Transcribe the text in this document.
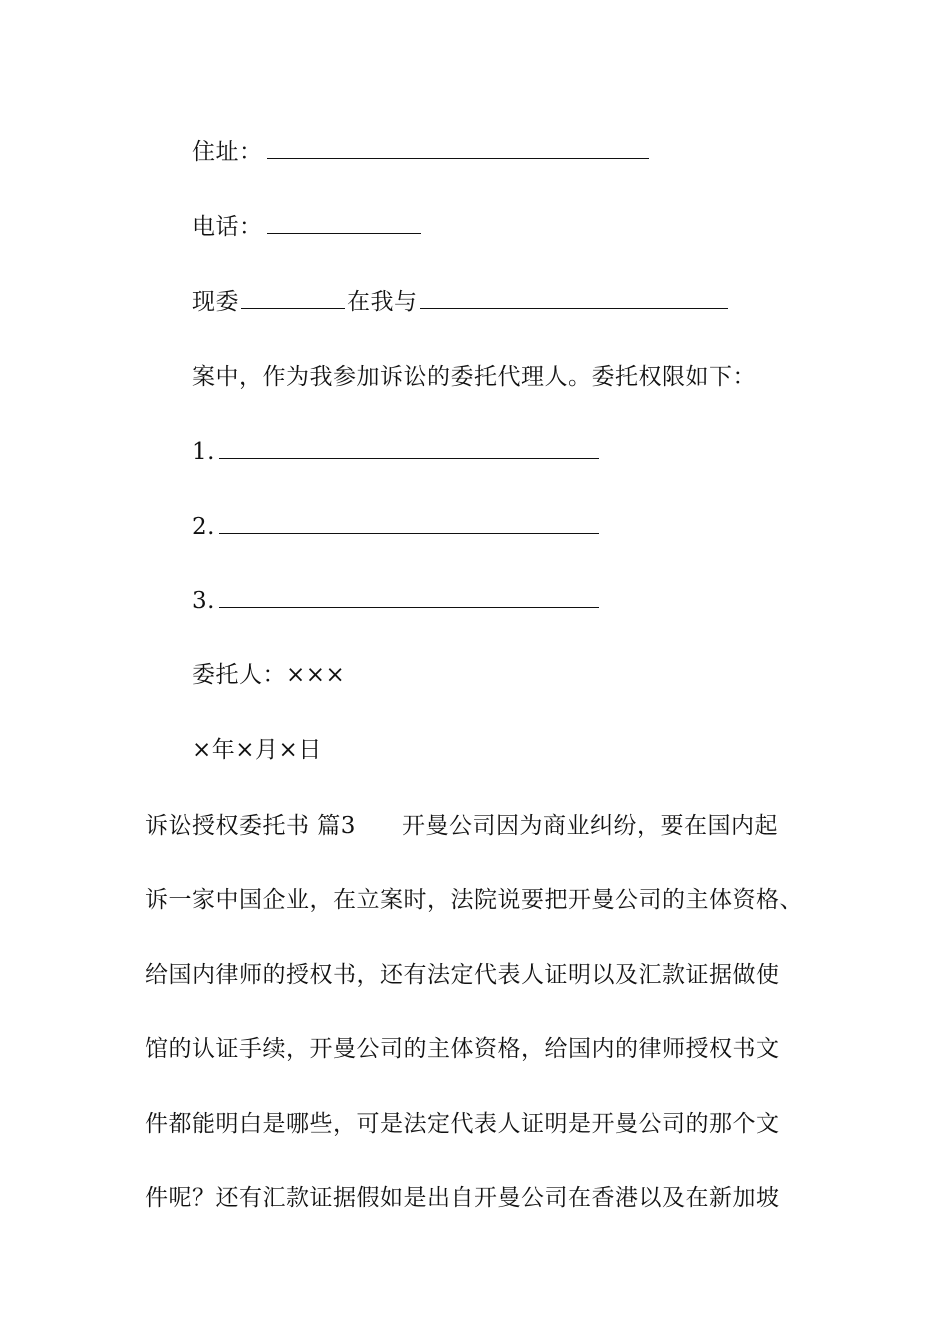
住址：
电话：
现委	在我与
案中，作为我参加诉讼的委托代理人。委托权限如下：
1.
2.
3.
委托人：×××
×年×月×日
诉讼授权委托书 篇3 开曼公司因为商业纠纷，要在国内起
诉一家中国企业，在立案时，法院说要把开曼公司的主体资格、
给国内律师的授权书，还有法定代表人证明以及汇款证据做使
馆的认证手续，开曼公司的主体资格，给国内的律师授权书文
件都能明白是哪些，可是法定代表人证明是开曼公司的那个文
件呢？还有汇款证据假如是出自开曼公司在香港以及在新加坡
